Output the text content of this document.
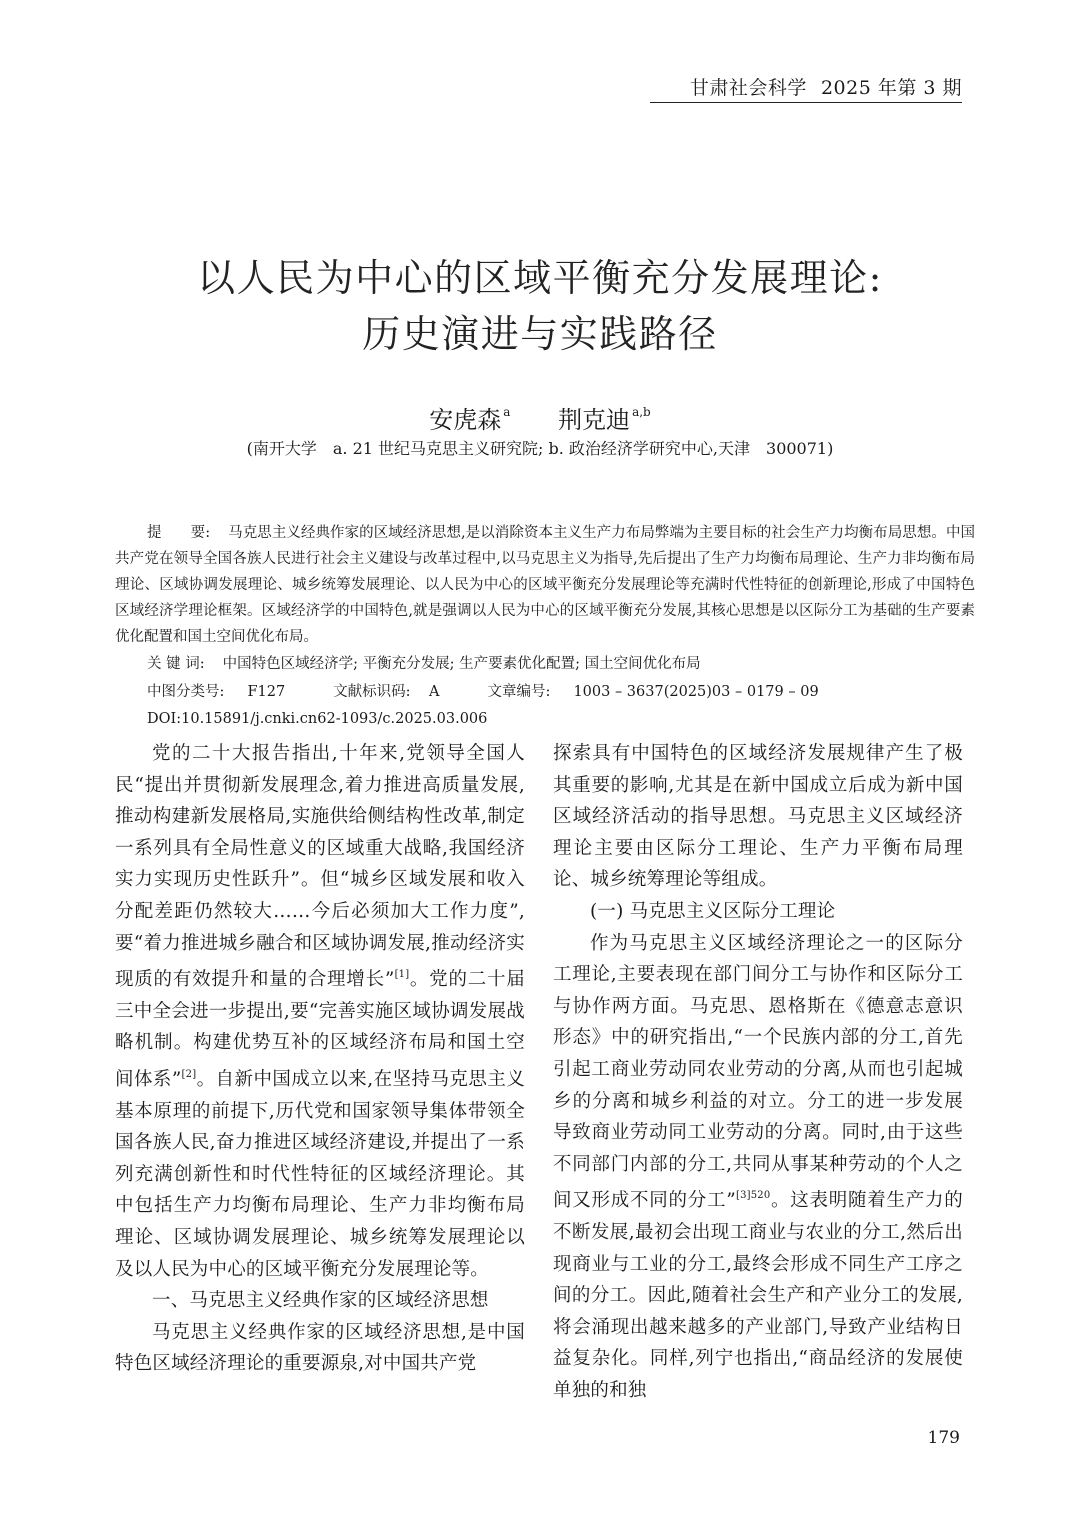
甘肃社会科学 2025 年第 3 期
以人民为中心的区域平衡充分发展理论:
历史演进与实践路径
安虎森 $^a$ 荆克迪 $^{a,b}$
(南开大学　a. 21 世纪马克思主义研究院; b. 政治经济学研究中心,天津　300071)

提　　要: 马克思主义经典作家的区域经济思想,是以消除资本主义生产力布局弊端为主要目标的社会生产力均衡布局思想。中国共产党在领导全国各族人民进行社会主义建设与改革过程中,以马克思主义为指导,先后提出了生产力均衡布局理论、生产力非均衡布局理论、区域协调发展理论、城乡统筹发展理论、以人民为中心的区域平衡充分发展理论等充满时代性特征的创新理论,形成了中国特色区域经济学理论框架。区域经济学的中国特色,就是强调以人民为中心的区域平衡充分发展,其核心思想是以区际分工为基础的生产要素优化配置和国土空间优化布局。

关 键 词: 中国特色区域经济学; 平衡充分发展; 生产要素优化配置; 国土空间优化布局

中图分类号: F127	文献标识码: A	文章编号: 1003 – 3637(2025)03 – 0179 – 09

DOI:10.15891/j.cnki.cn62-1093/c.2025.03.006

党的二十大报告指出,十年来,党领导全国人民“提出并贯彻新发展理念,着力推进高质量发展,推动构建新发展格局,实施供给侧结构性改革,制定一系列具有全局性意义的区域重大战略,我国经济实力实现历史性跃升”。但“城乡区域发展和收入分配差距仍然较大……今后必须加大工作力度”,要“着力推进城乡融合和区域协调发展,推动经济实现质的有效提升和量的合理增长”[1]。党的二十届三中全会进一步提出,要“完善实施区域协调发展战略机制。构建优势互补的区域经济布局和国土空间体系”[2]。自新中国成立以来,在坚持马克思主义基本原理的前提下,历代党和国家领导集体带领全国各族人民,奋力推进区域经济建设,并提出了一系列充满创新性和时代性特征的区域经济理论。其中包括生产力均衡布局理论、生产力非均衡布局理论、区域协调发展理论、城乡统筹发展理论以及以人民为中心的区域平衡充分发展理论等。

一、马克思主义经典作家的区域经济思想

马克思主义经典作家的区域经济思想,是中国特色区域经济理论的重要源泉,对中国共产党

探索具有中国特色的区域经济发展规律产生了极其重要的影响,尤其是在新中国成立后成为新中国区域经济活动的指导思想。马克思主义区域经济理论主要由区际分工理论、生产力平衡布局理论、城乡统筹理论等组成。

(一) 马克思主义区际分工理论

作为马克思主义区域经济理论之一的区际分工理论,主要表现在部门间分工与协作和区际分工与协作两方面。马克思、恩格斯在《德意志意识形态》中的研究指出,“一个民族内部的分工,首先引起工商业劳动同农业劳动的分离,从而也引起城乡的分离和城乡利益的对立。分工的进一步发展导致商业劳动同工业劳动的分离。同时,由于这些不同部门内部的分工,共同从事某种劳动的个人之间又形成不同的分工”$^{[3]520}$。这表明随着生产力的不断发展,最初会出现工商业与农业的分工,然后出现商业与工业的分工,最终会形成不同生产工序之间的分工。因此,随着社会生产和产业分工的发展,将会涌现出越来越多的产业部门,导致产业结构日益复杂化。同样,列宁也指出,“商品经济的发展使单独的和独

179
